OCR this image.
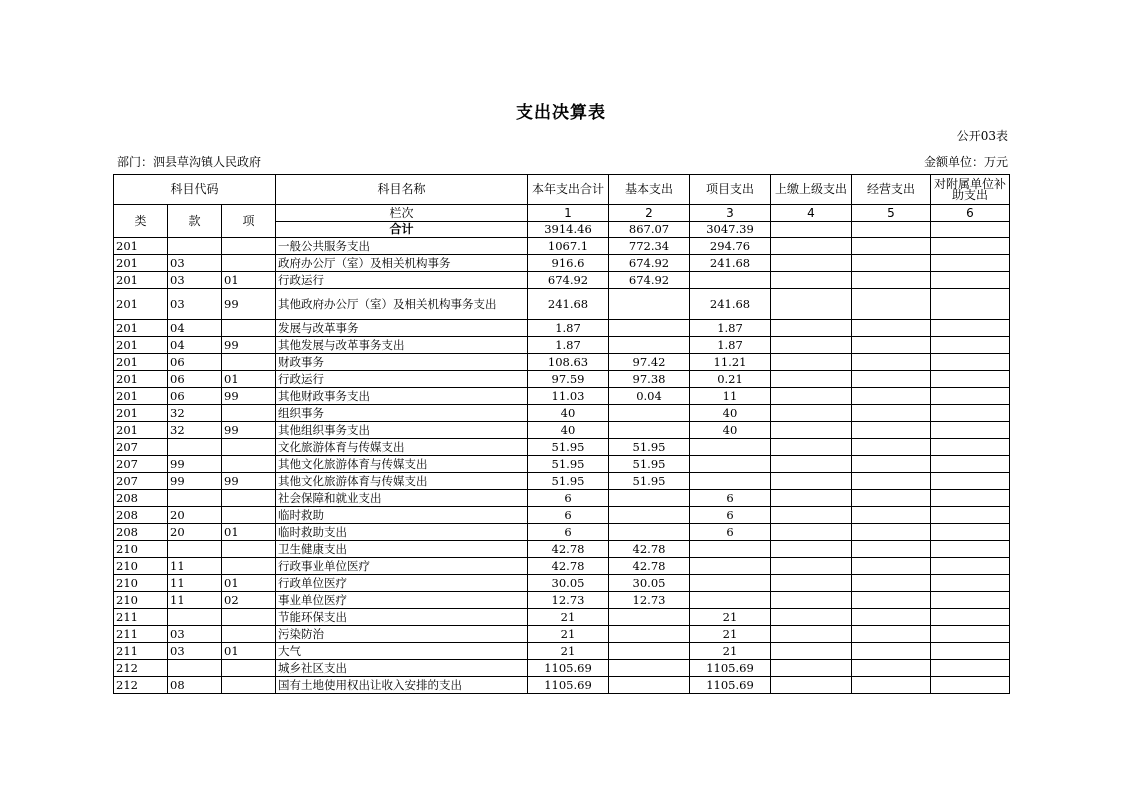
支出决算表
公开03表
部门：泗县草沟镇人民政府	金额单位：万元
科目代码			科目名称	本年支出合计	基本支出	项目支出	上缴上级支出	经营支出	对附属单位补助支出
类	款	项	栏次	1	2	3	4	5	6
			合计	3914.46	867.07	3047.39			
201			一般公共服务支出	1067.1	772.34	294.76			
201	03		政府办公厅（室）及相关机构事务	916.6	674.92	241.68			
201	03	01	行政运行	674.92	674.92				
201	03	99	其他政府办公厅（室）及相关机构事务支出	241.68		241.68			
201	04		发展与改革事务	1.87		1.87			
201	04	99	其他发展与改革事务支出	1.87		1.87			
201	06		财政事务	108.63	97.42	11.21			
201	06	01	行政运行	97.59	97.38	0.21			
201	06	99	其他财政事务支出	11.03	0.04	11			
201	32		组织事务	40		40			
201	32	99	其他组织事务支出	40		40			
207			文化旅游体育与传媒支出	51.95	51.95				
207	99		其他文化旅游体育与传媒支出	51.95	51.95				
207	99	99	其他文化旅游体育与传媒支出	51.95	51.95				
208			社会保障和就业支出	6		6			
208	20		临时救助	6		6			
208	20	01	临时救助支出	6		6			
210			卫生健康支出	42.78	42.78				
210	11		行政事业单位医疗	42.78	42.78				
210	11	01	行政单位医疗	30.05	30.05				
210	11	02	事业单位医疗	12.73	12.73				
211			节能环保支出	21		21			
211	03		污染防治	21		21			
211	03	01	大气	21		21			
212			城乡社区支出	1105.69		1105.69			
212	08		国有土地使用权出让收入安排的支出	1105.69		1105.69			
